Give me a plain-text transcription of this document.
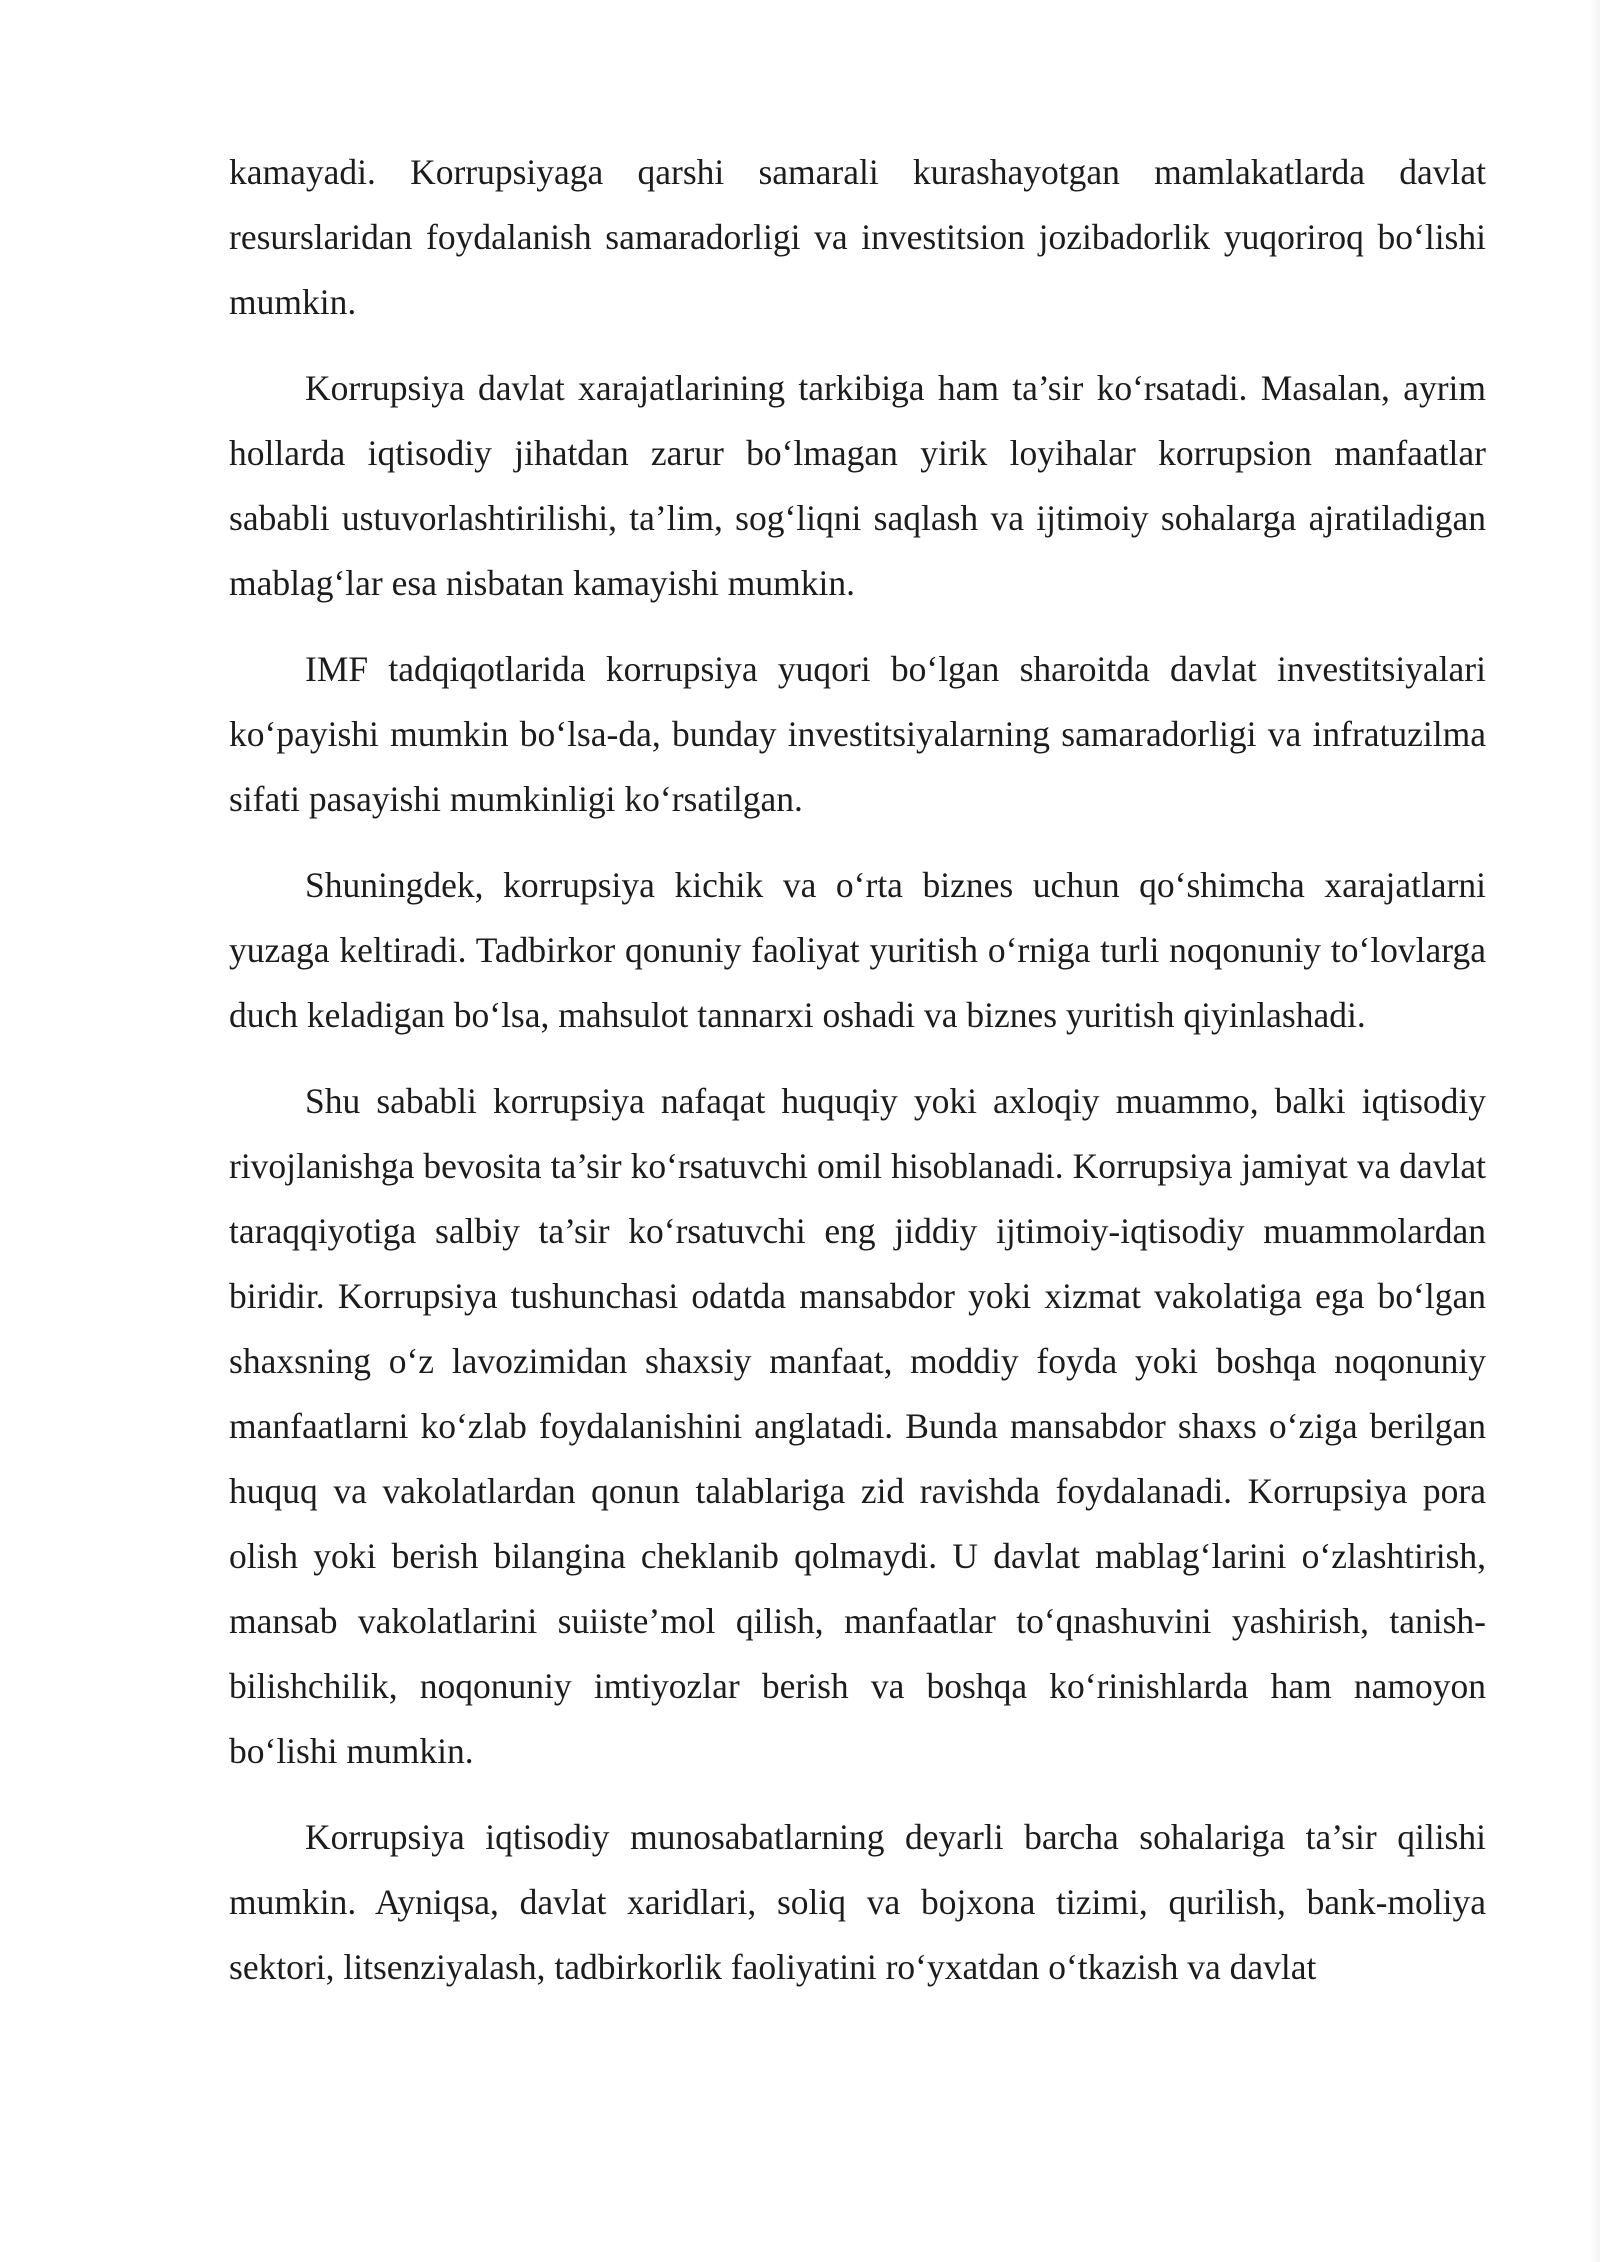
kamayadi. Korrupsiyaga qarshi samarali kurashayotgan mamlakatlarda davlat resurslaridan foydalanish samaradorligi va investitsion jozibadorlik yuqoriroq bo‘lishi mumkin.

Korrupsiya davlat xarajatlarining tarkibiga ham ta’sir ko‘rsatadi. Masalan, ayrim hollarda iqtisodiy jihatdan zarur bo‘lmagan yirik loyihalar korrupsion manfaatlar sababli ustuvorlashtirilishi, ta’lim, sog‘liqni saqlash va ijtimoiy sohalarga ajratiladigan mablag‘lar esa nisbatan kamayishi mumkin.

IMF tadqiqotlarida korrupsiya yuqori bo‘lgan sharoitda davlat investitsiyalari ko‘payishi mumkin bo‘lsa-da, bunday investitsiyalarning samaradorligi va infratuzilma sifati pasayishi mumkinligi ko‘rsatilgan.

Shuningdek, korrupsiya kichik va o‘rta biznes uchun qo‘shimcha xarajatlarni yuzaga keltiradi. Tadbirkor qonuniy faoliyat yuritish o‘rniga turli noqonuniy to‘lovlarga duch keladigan bo‘lsa, mahsulot tannarxi oshadi va biznes yuritish qiyinlashadi.

Shu sababli korrupsiya nafaqat huquqiy yoki axloqiy muammo, balki iqtisodiy rivojlanishga bevosita ta’sir ko‘rsatuvchi omil hisoblanadi. Korrupsiya jamiyat va davlat taraqqiyotiga salbiy ta’sir ko‘rsatuvchi eng jiddiy ijtimoiy-iqtisodiy muammolardan biridir. Korrupsiya tushunchasi odatda mansabdor yoki xizmat vakolatiga ega bo‘lgan shaxsning o‘z lavozimidan shaxsiy manfaat, moddiy foyda yoki boshqa noqonuniy manfaatlarni ko‘zlab foydalanishini anglatadi. Bunda mansabdor shaxs o‘ziga berilgan huquq va vakolatlardan qonun talablariga zid ravishda foydalanadi. Korrupsiya pora olish yoki berish bilangina cheklanib qolmaydi. U davlat mablag‘larini o‘zlashtirish, mansab vakolatlarini suiiste’mol qilish, manfaatlar to‘qnashuvini yashirish, tanish-bilishchilik, noqonuniy imtiyozlar berish va boshqa ko‘rinishlarda ham namoyon bo‘lishi mumkin.

Korrupsiya iqtisodiy munosabatlarning deyarli barcha sohalariga ta’sir qilishi mumkin. Ayniqsa, davlat xaridlari, soliq va bojxona tizimi, qurilish, bank-moliya sektori, litsenziyalash, tadbirkorlik faoliyatini ro‘yxatdan o‘tkazish va davlat
